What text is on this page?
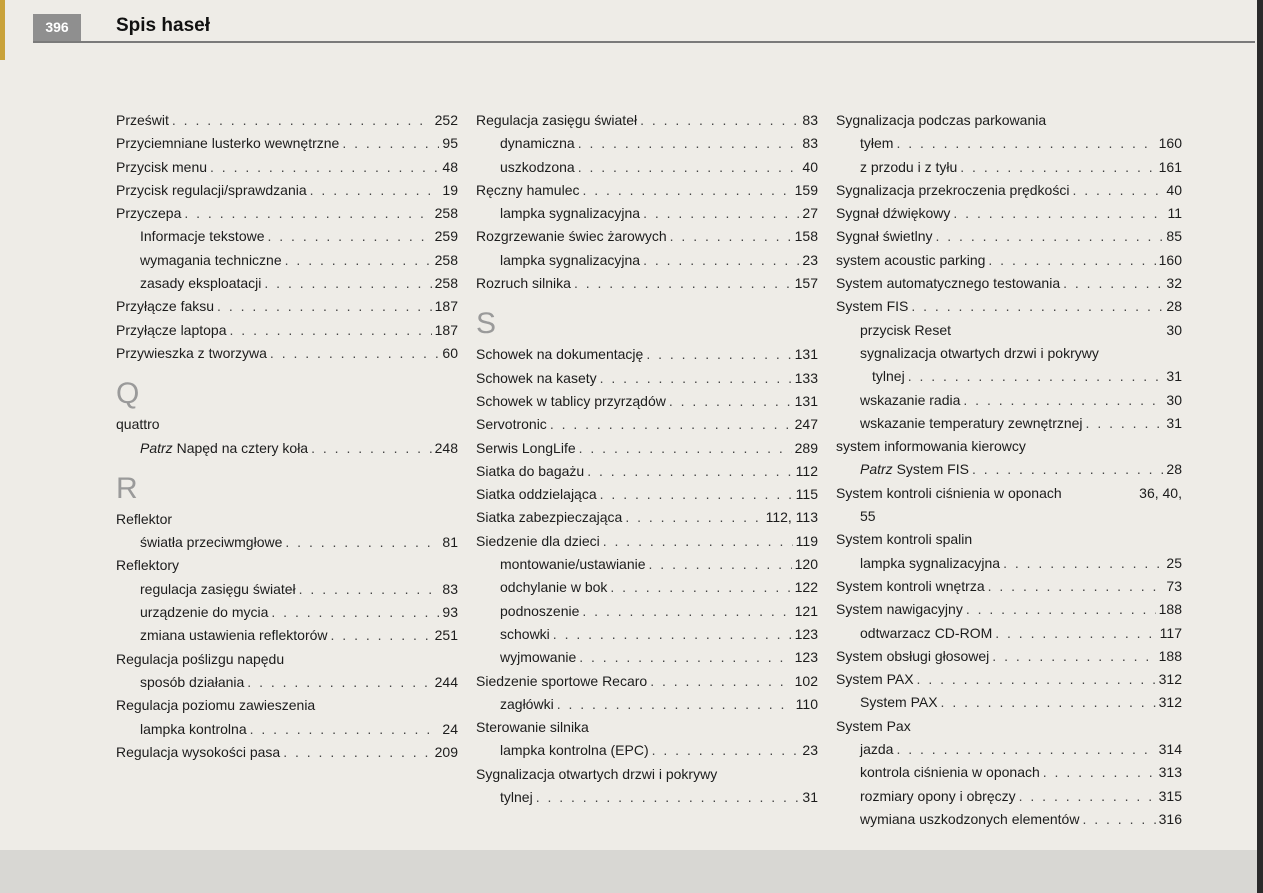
396	Spis haseł
Prześwit . . .	252
Przyciemniane lusterko wewnętrzne . . .	95
Przycisk menu . . .	48
Przycisk regulacji/sprawdzania . . .	19
Przyczepa . . .	258
Informacje tekstowe . . .	259
wymagania techniczne . . .	258
zasady eksploatacji . . .	258
Przyłącze faksu . . .	187
Przyłącze laptopa . . .	187
Przywieszka z tworzywa . . .	60
Q
quattro
Patrz Napęd na cztery koła . . .	248
R
Reflektor
światła przeciwmgłowe . . .	81
Reflektory
regulacja zasięgu świateł . . .	83
urządzenie do mycia . . .	93
zmiana ustawienia reflektorów . . .	251
Regulacja poślizgu napędu
sposób działania . . .	244
Regulacja poziomu zawieszenia
lampka kontrolna . . .	24
Regulacja wysokości pasa . . .	209
Regulacja zasięgu świateł . . .	83
dynamiczna . . .	83
uszkodzona . . .	40
Ręczny hamulec . . .	159
lampka sygnalizacyjna . . .	27
Rozgrzewanie świec żarowych . . .	158
lampka sygnalizacyjna . . .	23
Rozruch silnika . . .	157
S
Schowek na dokumentację . . .	131
Schowek na kasety . . .	133
Schowek w tablicy przyrządów . . .	131
Servotronic . . .	247
Serwis LongLife . . .	289
Siatka do bagażu . . .	112
Siatka oddzielająca . . .	115
Siatka zabezpieczająca . . .	112, 113
Siedzenie dla dzieci . . .	119
montowanie/ustawianie . . .	120
odchylanie w bok . . .	122
podnoszenie . . .	121
schowki . . .	123
wyjmowanie . . .	123
Siedzenie sportowe Recaro . . .	102
zagłówki . . .	110
Sterowanie silnika
lampka kontrolna (EPC) . . .	23
Sygnalizacja otwartych drzwi i pokrywy
tylnej . . .	31
Sygnalizacja podczas parkowania
tyłem . . .	160
z przodu i z tyłu . . .	161
Sygnalizacja przekroczenia prędkości . . .	40
Sygnał dźwiękowy . . .	11
Sygnał świetlny . . .	85
system acoustic parking . . .	160
System automatycznego testowania . . .	32
System FIS . . .	28
przycisk Reset	30
sygnalizacja otwartych drzwi i pokrywy
tylnej . . .	31
wskazanie radia . . .	30
wskazanie temperatury zewnętrznej . . .	31
system informowania kierowcy
Patrz System FIS . . .	28
System kontroli ciśnienia w oponach	36, 40,
55
System kontroli spalin
lampka sygnalizacyjna . . .	25
System kontroli wnętrza . . .	73
System nawigacyjny . . .	188
odtwarzacz CD-ROM . . .	117
System obsługi głosowej . . .	188
System PAX . . .	312
System PAX . . .	312
System Pax
jazda . . .	314
kontrola ciśnienia w oponach . . .	313
rozmiary opony i obręczy . . .	315
wymiana uszkodzonych elementów . . .	316
